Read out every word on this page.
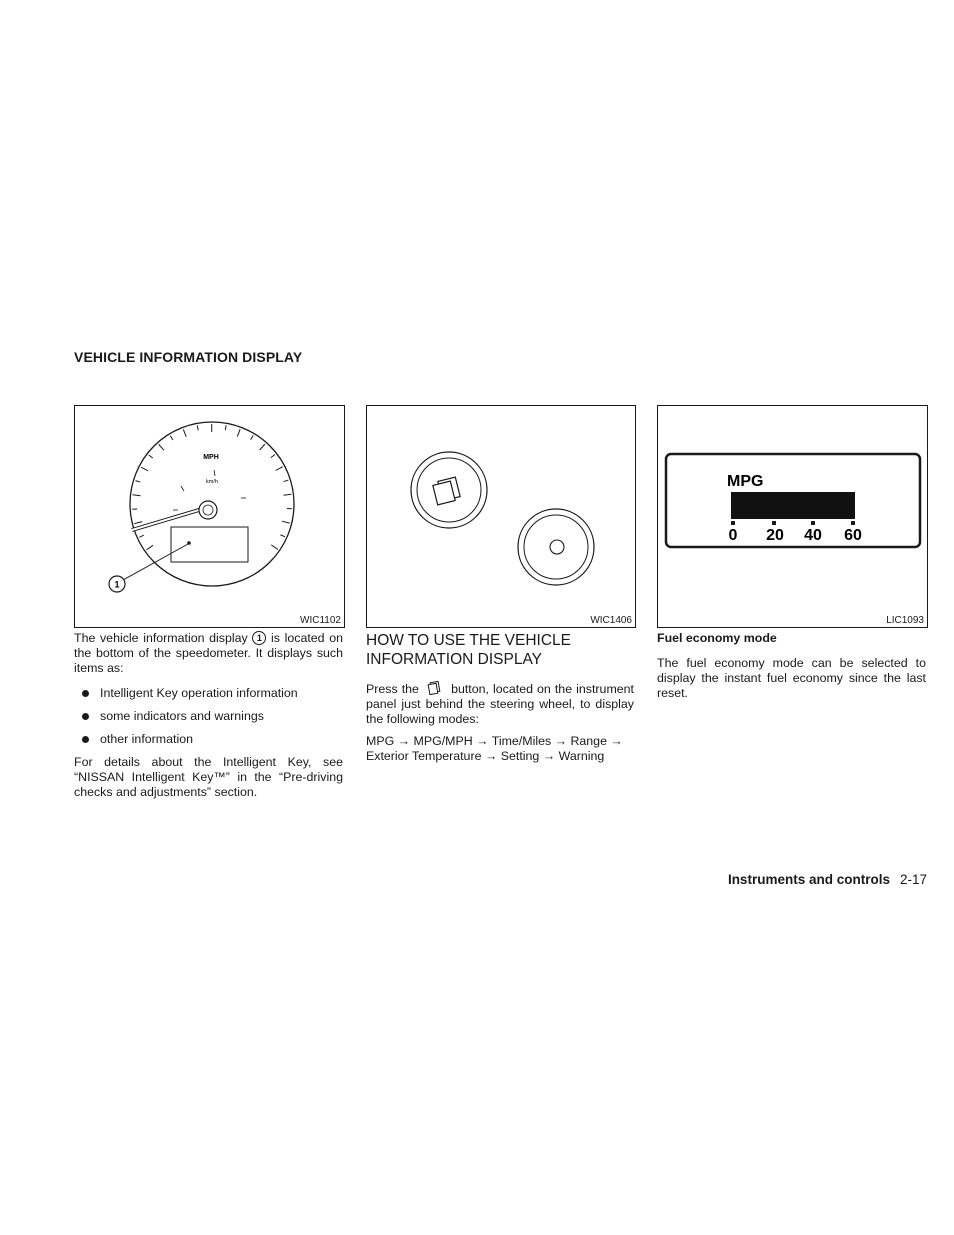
VEHICLE INFORMATION DISPLAY
MPH
km/h
1
WIC1102	WIC1406
MPG
0 20 40 60
LIC1093

The vehicle information display 1 is located on the bottom of the speedometer. It displays such items as:

Intelligent Key operation information
some indicators and warnings
other information

For details about the Intelligent Key, see “NISSAN Intelligent Key™” in the “Pre-driving checks and adjustments” section.

HOW TO USE THE VEHICLE INFORMATION DISPLAY

Press the	button, located on the instrument panel just behind the steering wheel, to display the following modes:

MPG → MPG/MPH → Time/Miles → Range → Exterior Temperature → Setting → Warning

Fuel economy mode

The fuel economy mode can be selected to display the instant fuel economy since the last reset.

Instruments and controls 2-17
